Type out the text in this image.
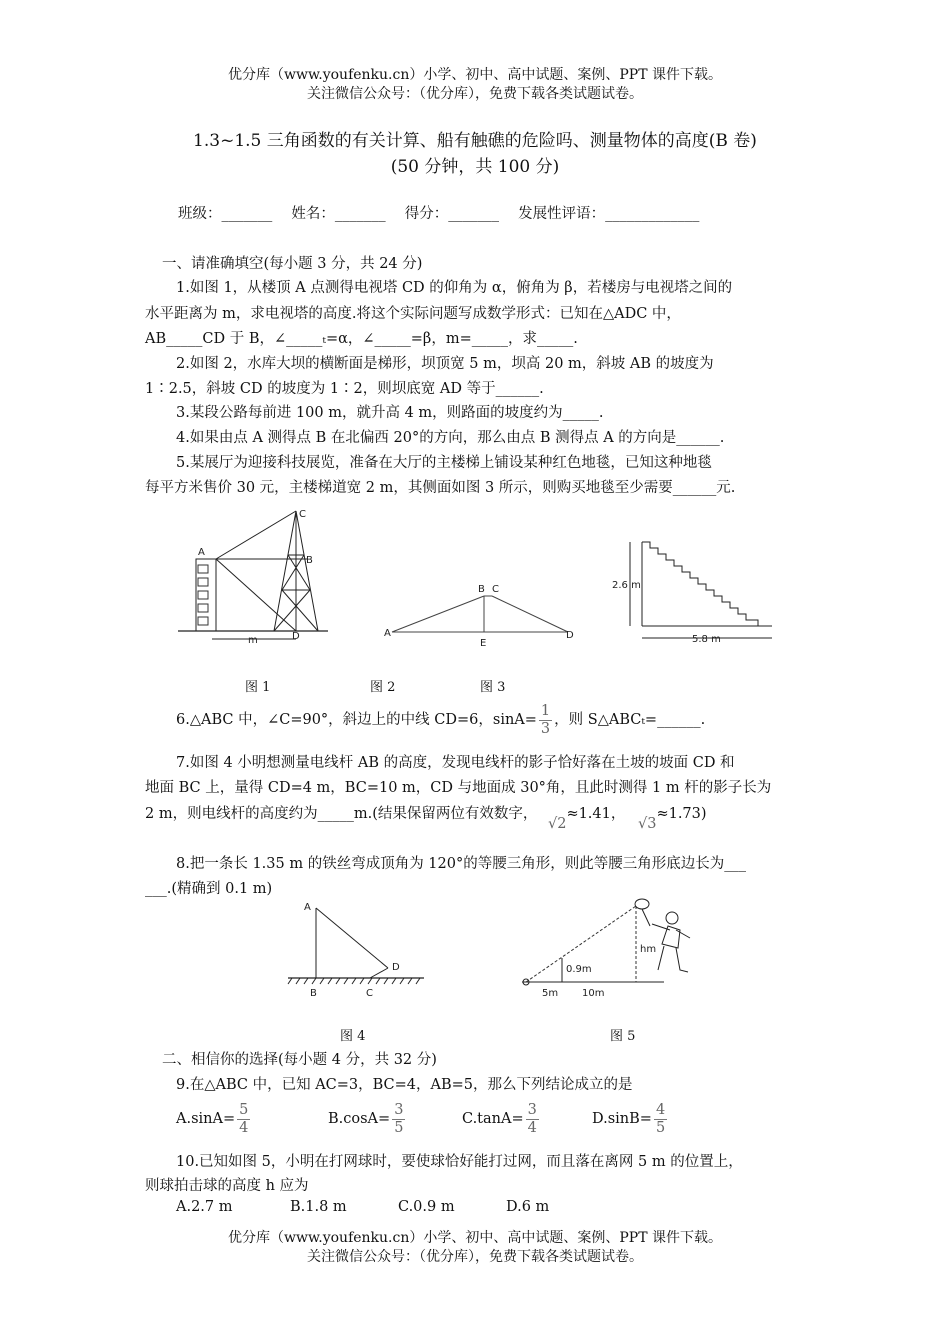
优分库（www.youfenku.cn）小学、初中、高中试题、案例、PPT 课件下载。
关注微信公众号：（优分库），免费下载各类试题试卷。
1.3~1.5 三角函数的有关计算、船有触礁的危险吗、测量物体的高度(B 卷)
(50 分钟，共 100 分)
班级：_______　 姓名：_______　 得分：_______　 发展性评语：_____________
一、请准确填空(每小题 3 分，共 24 分)
1.如图 1，从楼顶 A 点测得电视塔 CD 的仰角为 α，俯角为 β，若楼房与电视塔之间的
水平距离为 m，求电视塔的高度.将这个实际问题写成数学形式：已知在△ADC 中，
AB_____CD 于 B，∠_____ₜ=α，∠_____=β，m=_____，求_____.
2.如图 2，水库大坝的横断面是梯形，坝顶宽 5 m，坝高 20 m，斜坡 AB 的坡度为
1∶2.5，斜坡 CD 的坡度为 1∶2，则坝底宽 AD 等于______.
3.某段公路每前进 100 m，就升高 4 m，则路面的坡度约为_____.
4.如果由点 A 测得点 B 在北偏西 20°的方向，那么由点 B 测得点 A 的方向是______.
5.某展厅为迎接科技展览，准备在大厅的主楼梯上铺设某种红色地毯，已知这种地毯
每平方米售价 30 元，主楼梯道宽 2 m，其侧面如图 3 所示，则购买地毯至少需要______元.
A
C
B
D
m
A
B C
D
E
2.6 m
5.8 m
图 1	图 2	图 3
6.△ABC 中，∠C=90°，斜边上的中线 CD=6，$\sin A= \frac{1}{3}$ ，则 S△ABCₜ=______.
7.如图 4 小明想测量电线杆 AB 的高度，发现电线杆的影子恰好落在土坡的坡面 CD 和
地面 BC 上，量得 CD=4 m，BC=10 m，CD 与地面成 30°角，且此时测得 1 m 杆的影子长为
2 m，则电线杆的高度约为_____m.(结果保留两位有效数字， √2≈1.41， √3≈1.73)
8.把一条长 1.35 m 的铁丝弯成顶角为 120°的等腰三角形，则此等腰三角形底边长为___
___.(精确到 0.1 m)
A
B	C
D	0.9m
5m 10m
hm
图 4	图 5
二、相信你的选择(每小题 4 分，共 32 分)
9.在△ABC 中，已知 AC=3，BC=4，AB=5，那么下列结论成立的是
$A.\sin A= \frac{5}{4}$	$B.\cos A= \frac{3}{5}$	$C.\tan A= \frac{3}{4}$	$D.\sin B= \frac{4}{5}$
10.已知如图 5，小明在打网球时，要使球恰好能打过网，而且落在离网 5 m 的位置上，
则球拍击球的高度 h 应为
A.2.7 m	B.1.8 m	C.0.9 m	D.6 m
优分库（www.youfenku.cn）小学、初中、高中试题、案例、PPT 课件下载。
关注微信公众号：（优分库），免费下载各类试题试卷。
